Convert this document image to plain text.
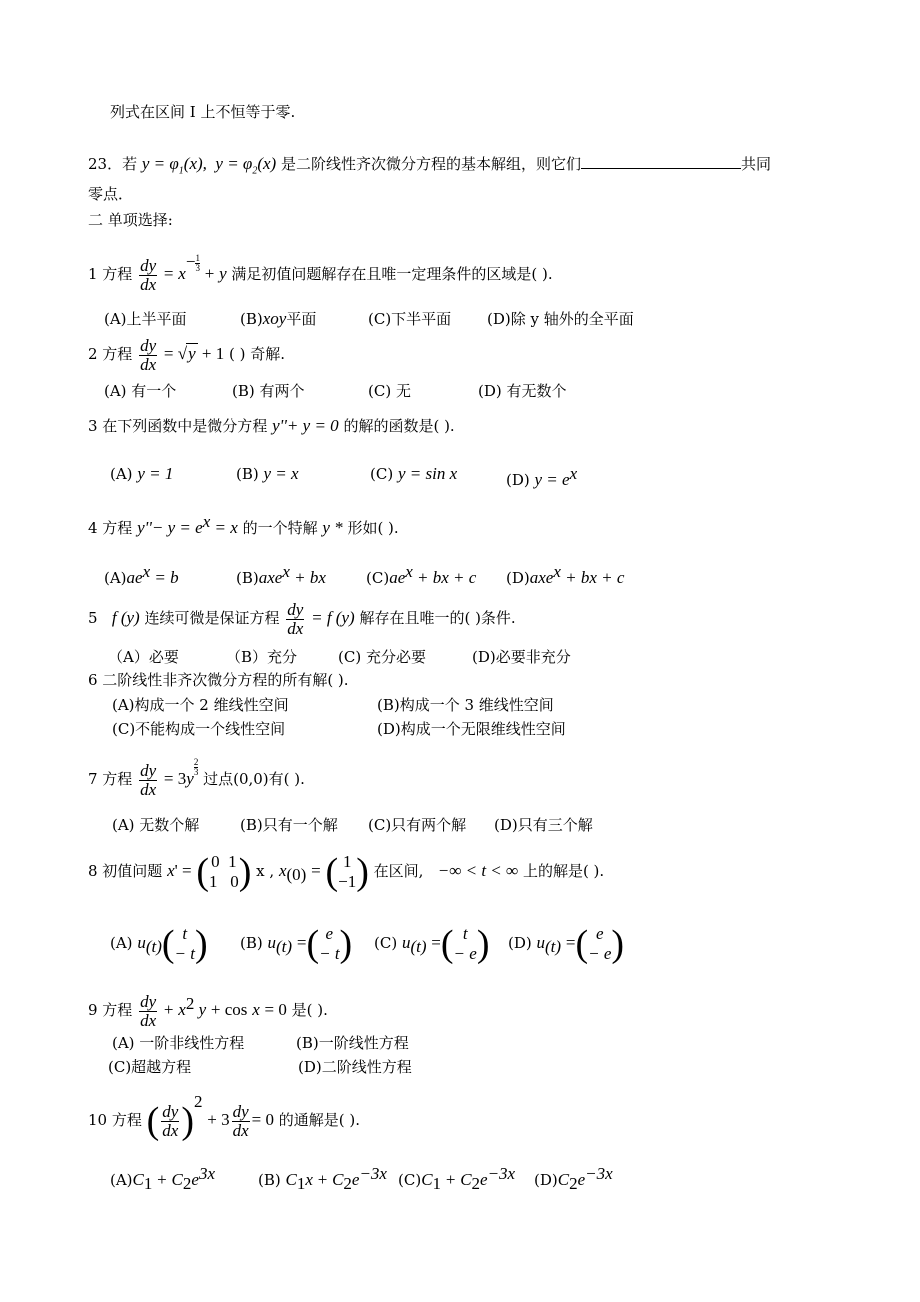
列式在区间 I 上不恒等于零.
23．若 $y = \varphi_1(x)$,  $y = \varphi_2(x)$ 是二阶线性齐次微分方程的基本解组，则它们	共同
零点．
二 单项选择:
1 方程 $\frac{dy}{dx} = x^{- \frac{1}{3}}$
+ y 满足初值问题解存在且唯一定理条件的区域是( ).
(A)上半平面	(B)xoy平面	(C)下半平面 (D)除 y 轴外的全平面
2 方程 $\frac{dy}{dx} = √y + 1$ ( ) 奇解.
(A) 有一个	(B) 有两个	(C) 无	(D) 有无数个
3 在下列函数中是微分方程 y''+ y = 0 的解的函数是( ).
(A) y = 1	(B) y = x	(C) y = sin x	(D) $y = e^x$
4 方程 $y''- y = e^x = x$ 的一个特解 y * 形如( ).
$(A)ae^x = b$	(B)axe$^x$ + bx	$(C)ae^x$ + bx + c (D)axe$^x$ + bx + c
5 f (y) 连续可微是保证方程 $\frac{dy}{dx} = f$ (y) 解存在且唯一的( )条件.
（A）必要	（B）充分	(C) 充分必要	(D)必要非充分
6 二阶线性非齐次微分方程的所有解( ).
(A)构成一个 2 维线性空间	(B)构成一个 3 维线性空间
(C)不能构成一个线性空间	(D)构成一个无限维线性空间
7 方程 $\frac{dy}{dx} = 3y$
$^{\frac{2}{3}}$
过点(0,0)有( ).
(A) 无数个解	(B)只有一个解 (C)只有两个解 (D)只有三个解
8 初值问题 x' = ( 0  1
1   0 ) x , $x_{(0)}$ = ( 1
−1 ) 在区间, −∞ < t < ∞ 上的解是( ).
(A) $u_{(t)}$( t
− t ) (B) $u_{(t)}$ =( e
− t ) (C) $u_{(t)}$ =( t
− e ) (D) $u_{(t)}$ =( e
− e )
9 方程 $\frac{dy}{dx} + x^2$ y + cos x = 0 是( ).
(A) 一阶非线性方程	(B)一阶线性方程
(C)超越方程	(D)二阶线性方程
10 方程 ( $\frac{dy}{dx} )^2 + 3 \frac{dy}{dx} = 0$ 的通解是( ).
$(A)C_1 + C_2e^{3x}$	(B) $C_1x + C_2e^{-3x}$ $(C)C_1 + C_2e^{-3x}$ $(D)C_2e^{-3x}$
